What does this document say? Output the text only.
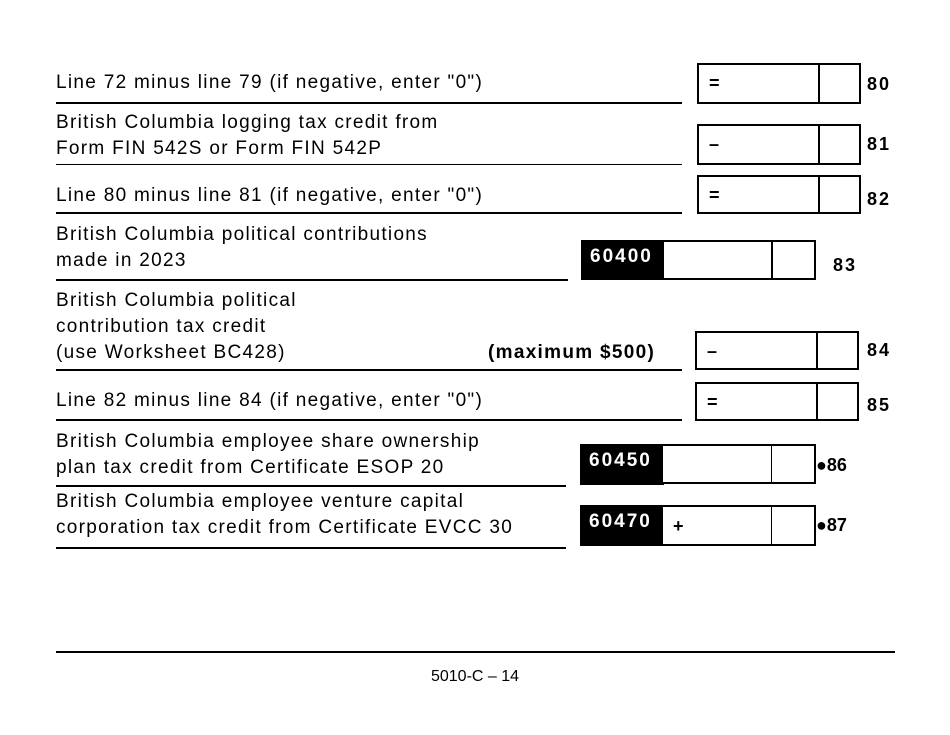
Line 72 minus line 79 (if negative, enter "0")	=	80
British Columbia logging tax credit from
Form FIN 542S or Form FIN 542P	–	81
Line 80 minus line 81 (if negative, enter "0")	=	82
British Columbia political contributions
made in 2023	60400	83
British Columbia political
contribution tax credit
(use Worksheet BC428)	(maximum $500)	–	84
Line 82 minus line 84 (if negative, enter "0")	=	85
British Columbia employee share ownership
plan tax credit from Certificate ESOP 20	60450	●86
British Columbia employee venture capital
corporation tax credit from Certificate EVCC 30	60470	+	●87
5010-C – 14
